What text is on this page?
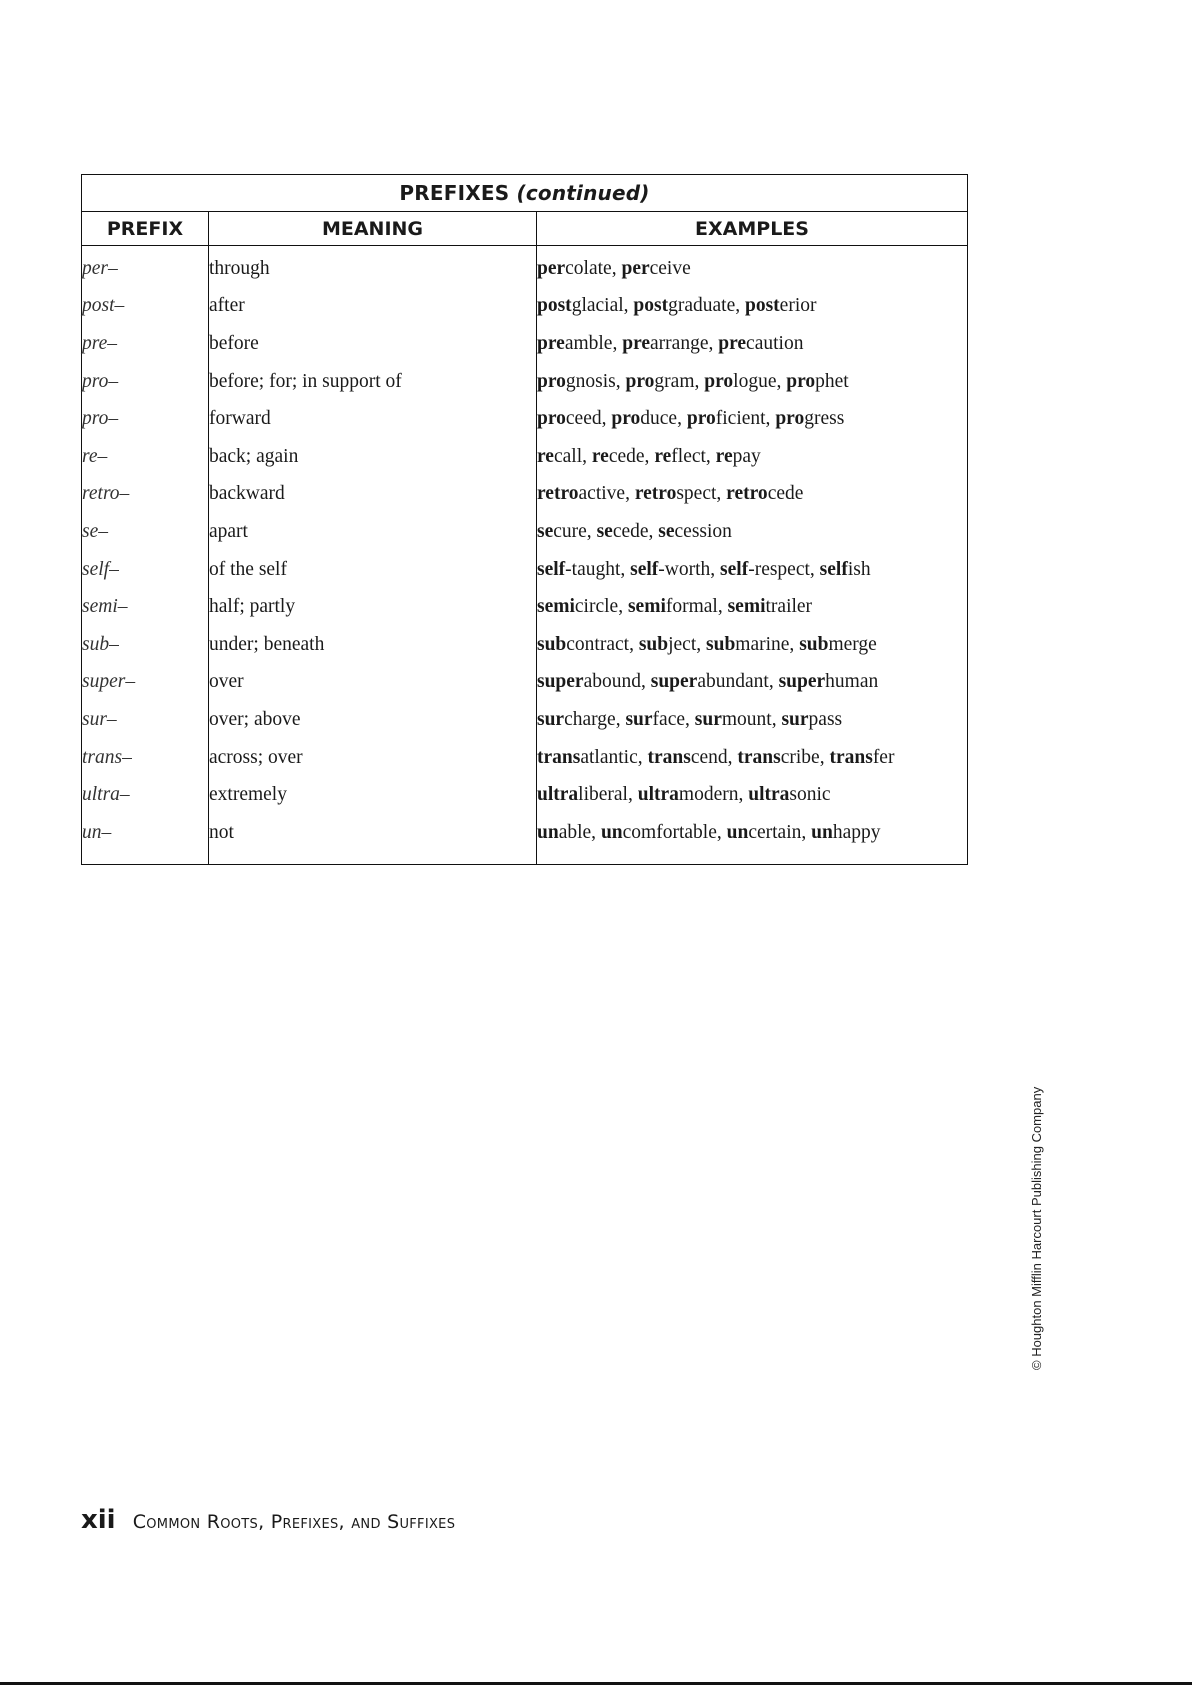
PREFIXES (continued)		
PREFIX	MEANING	EXAMPLES
per–	through	percolate, perceive
post–	after	postglacial, postgraduate, posterior
pre–	before	preamble, prearrange, precaution
pro–	before; for; in support of	prognosis, program, prologue, prophet
pro–	forward	proceed, produce, proficient, progress
re–	back; again	recall, recede, reflect, repay
retro–	backward	retroactive, retrospect, retrocede
se–	apart	secure, secede, secession
self–	of the self	self-taught, self-worth, self-respect, selfish
semi–	half; partly	semicircle, semiformal, semitrailer
sub–	under; beneath	subcontract, subject, submarine, submerge
super–	over	superabound, superabundant, superhuman
sur–	over; above	surcharge, surface, surmount, surpass
trans–	across; over	transatlantic, transcend, transcribe, transfer
ultra–	extremely	ultraliberal, ultramodern, ultrasonic
un–	not	unable, uncomfortable, uncertain, unhappy
xii Common Roots, Prefixes, and Suffixes
© Houghton Mifflin Harcourt Publishing Company
